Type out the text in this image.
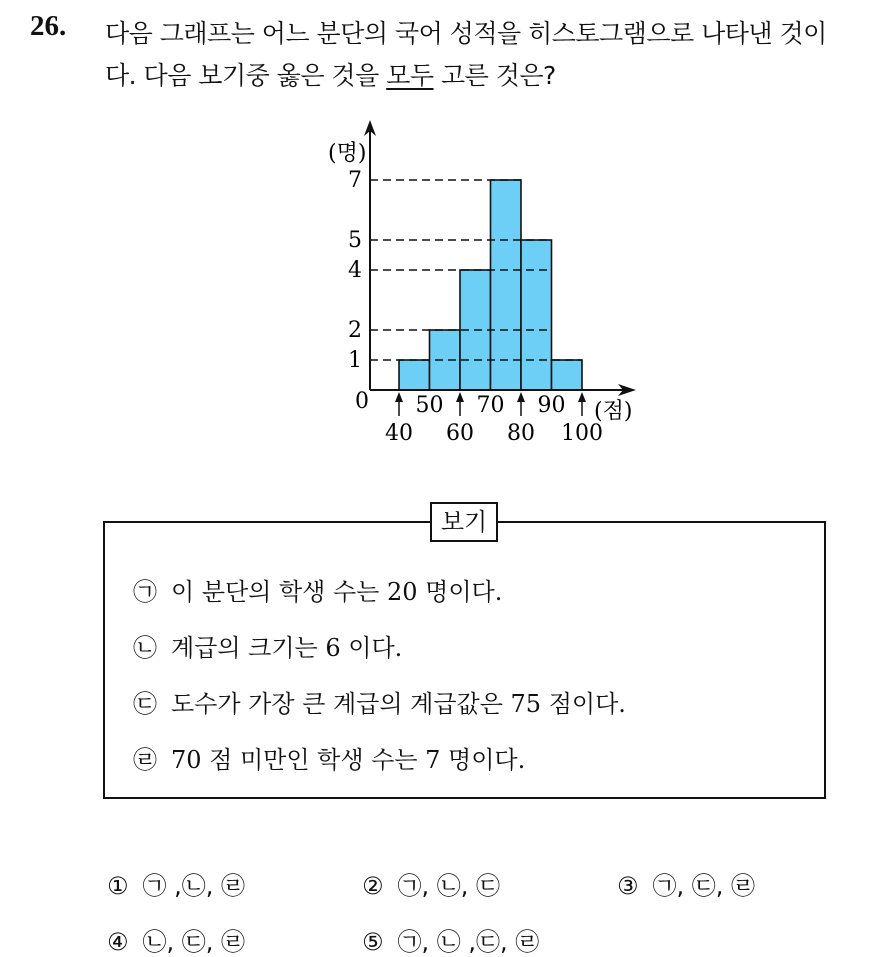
26. 다음 그래프는 어느 분단의 국어 성적을 히스토그램으로 나타낸 것이
다. 다음 보기중 옳은 것을 모두 고른 것은?
(명)
(점)
0
1
2
4
5
7
40 60 80 100
50 70 90
보기
㉠ 이 분단의 학생 수는 20 명이다.
㉡ 계급의 크기는 6 이다.
㉢ 도수가 가장 큰 계급의 계급값은 75 점이다.
㉣ 70 점 미만인 학생 수는 7 명이다.
① ㉠ ,㉡, ㉣	② ㉠, ㉡, ㉢	③ ㉠, ㉢, ㉣
④ ㉡, ㉢, ㉣	⑤ ㉠, ㉡ ,㉢, ㉣
